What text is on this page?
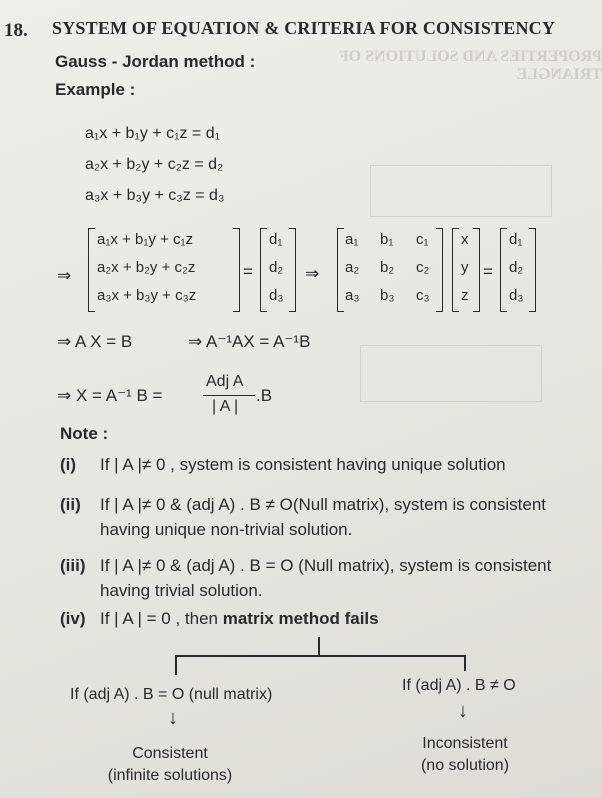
PROPERTIES AND SOLUTIONS OF TRIANGLE
18. SYSTEM OF EQUATION & CRITERIA FOR CONSISTENCY
Gauss - Jordan method :
Example :
a₁x + b₁y + c₁z = d₁
a₂x + b₂y + c₂z = d₂
a₃x + b₃y + c₃z = d₃
⇒
a₁x + b₁y + c₁z
a₂x + b₂y + c₂z
a₃x + b₃y + c₃z
=
d₁
d₂
d₃
⇒
a₁ b₁ c₁
a₂ b₂ c₂
a₃ b₃ c₃
x
y
z
=
d₁
d₂
d₃
⇒ A X = B	⇒ A⁻¹AX = A⁻¹B
⇒ X = A⁻¹ B =
Adj A
| A |
.B
Note :
(i) If | A |≠ 0 , system is consistent having unique solution
(ii) If | A |≠ 0 & (adj A) . B ≠ O(Null matrix), system is consistent
having unique non-trivial solution.
(iii) If | A |≠ 0 & (adj A) . B = O (Null matrix), system is consistent
having trivial solution.
(iv) If | A | = 0 , then matrix method fails
If (adj A) . B = O (null matrix)
If (adj A) . B ≠ O
↓	↓
Consistent
(infinite solutions)
Inconsistent
(no solution)
